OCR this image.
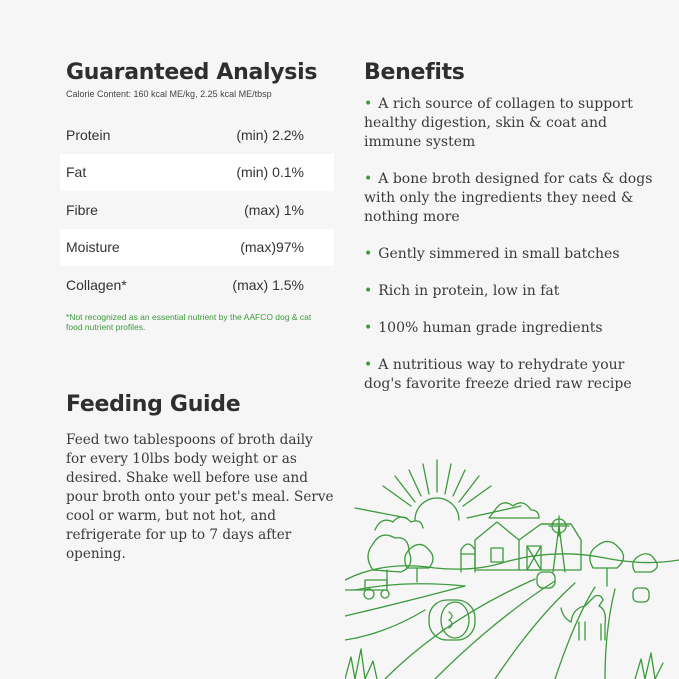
Guaranteed Analysis
Calorie Content: 160 kcal ME/kg, 2.25 kcal ME/tbsp
Protein	(min) 2.2%
Fat	(min) 0.1%
Fibre	(max) 1%
Moisture	(max)97%
Collagen*	(max) 1.5%

*Not recognized as an essential nutrient by the AAFCO dog & cat food nutrient profiles.

Benefits
• A rich source of collagen to support healthy digestion, skin & coat and immune system
• A bone broth designed for cats & dogs with only the ingredients they need & nothing more
• Gently simmered in small batches
• Rich in protein, low in fat
• 100% human grade ingredients
• A nutritious way to rehydrate your dog's favorite freeze dried raw recipe
Feeding Guide

Feed two tablespoons of broth daily for every 10lbs body weight or as desired. Shake well before use and pour broth onto your pet's meal. Serve cool or warm, but not hot, and refrigerate for up to 7 days after opening.
